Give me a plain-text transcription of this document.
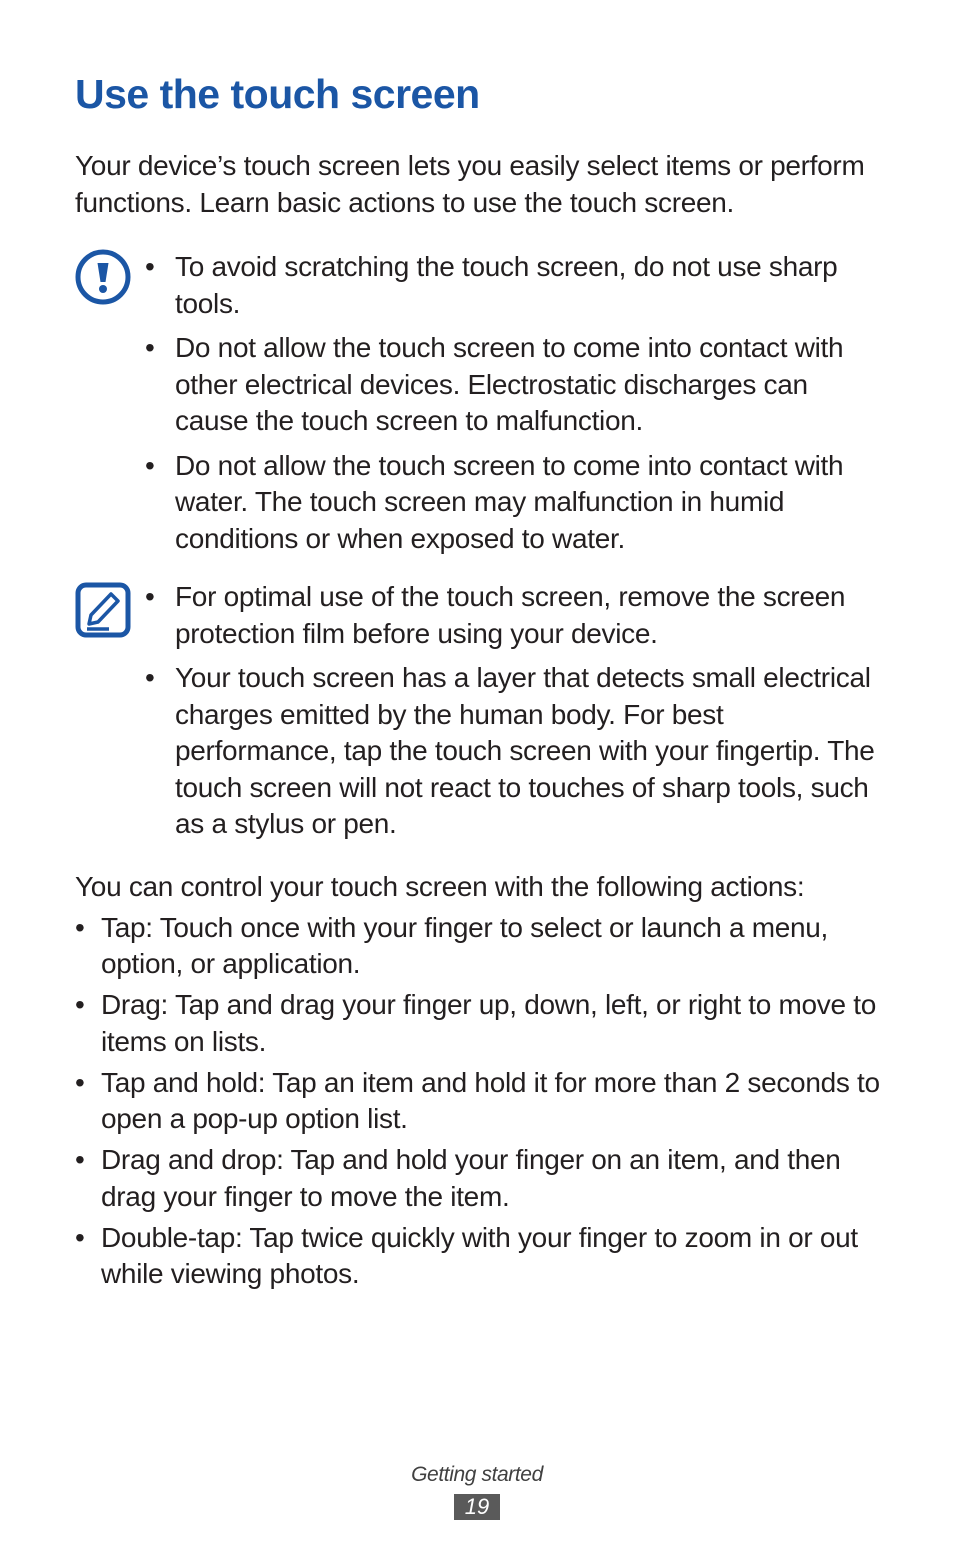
Use the touch screen

Your device’s touch screen lets you easily select items or perform functions. Learn basic actions to use the touch screen.

• To avoid scratching the touch screen, do not use sharp tools.
• Do not allow the touch screen to come into contact with other electrical devices. Electrostatic discharges can cause the touch screen to malfunction.
• Do not allow the touch screen to come into contact with water. The touch screen may malfunction in humid conditions or when exposed to water.
• For optimal use of the touch screen, remove the screen protection film before using your device.
• Your touch screen has a layer that detects small electrical charges emitted by the human body. For best performance, tap the touch screen with your fingertip. The touch screen will not react to touches of sharp tools, such as a stylus or pen.

You can control your touch screen with the following actions:

• Tap: Touch once with your finger to select or launch a menu, option, or application.
• Drag: Tap and drag your finger up, down, left, or right to move to items on lists.
• Tap and hold: Tap an item and hold it for more than 2 seconds to open a pop-up option list.
• Drag and drop: Tap and hold your finger on an item, and then drag your finger to move the item.
• Double-tap: Tap twice quickly with your finger to zoom in or out while viewing photos.
Getting started
19
